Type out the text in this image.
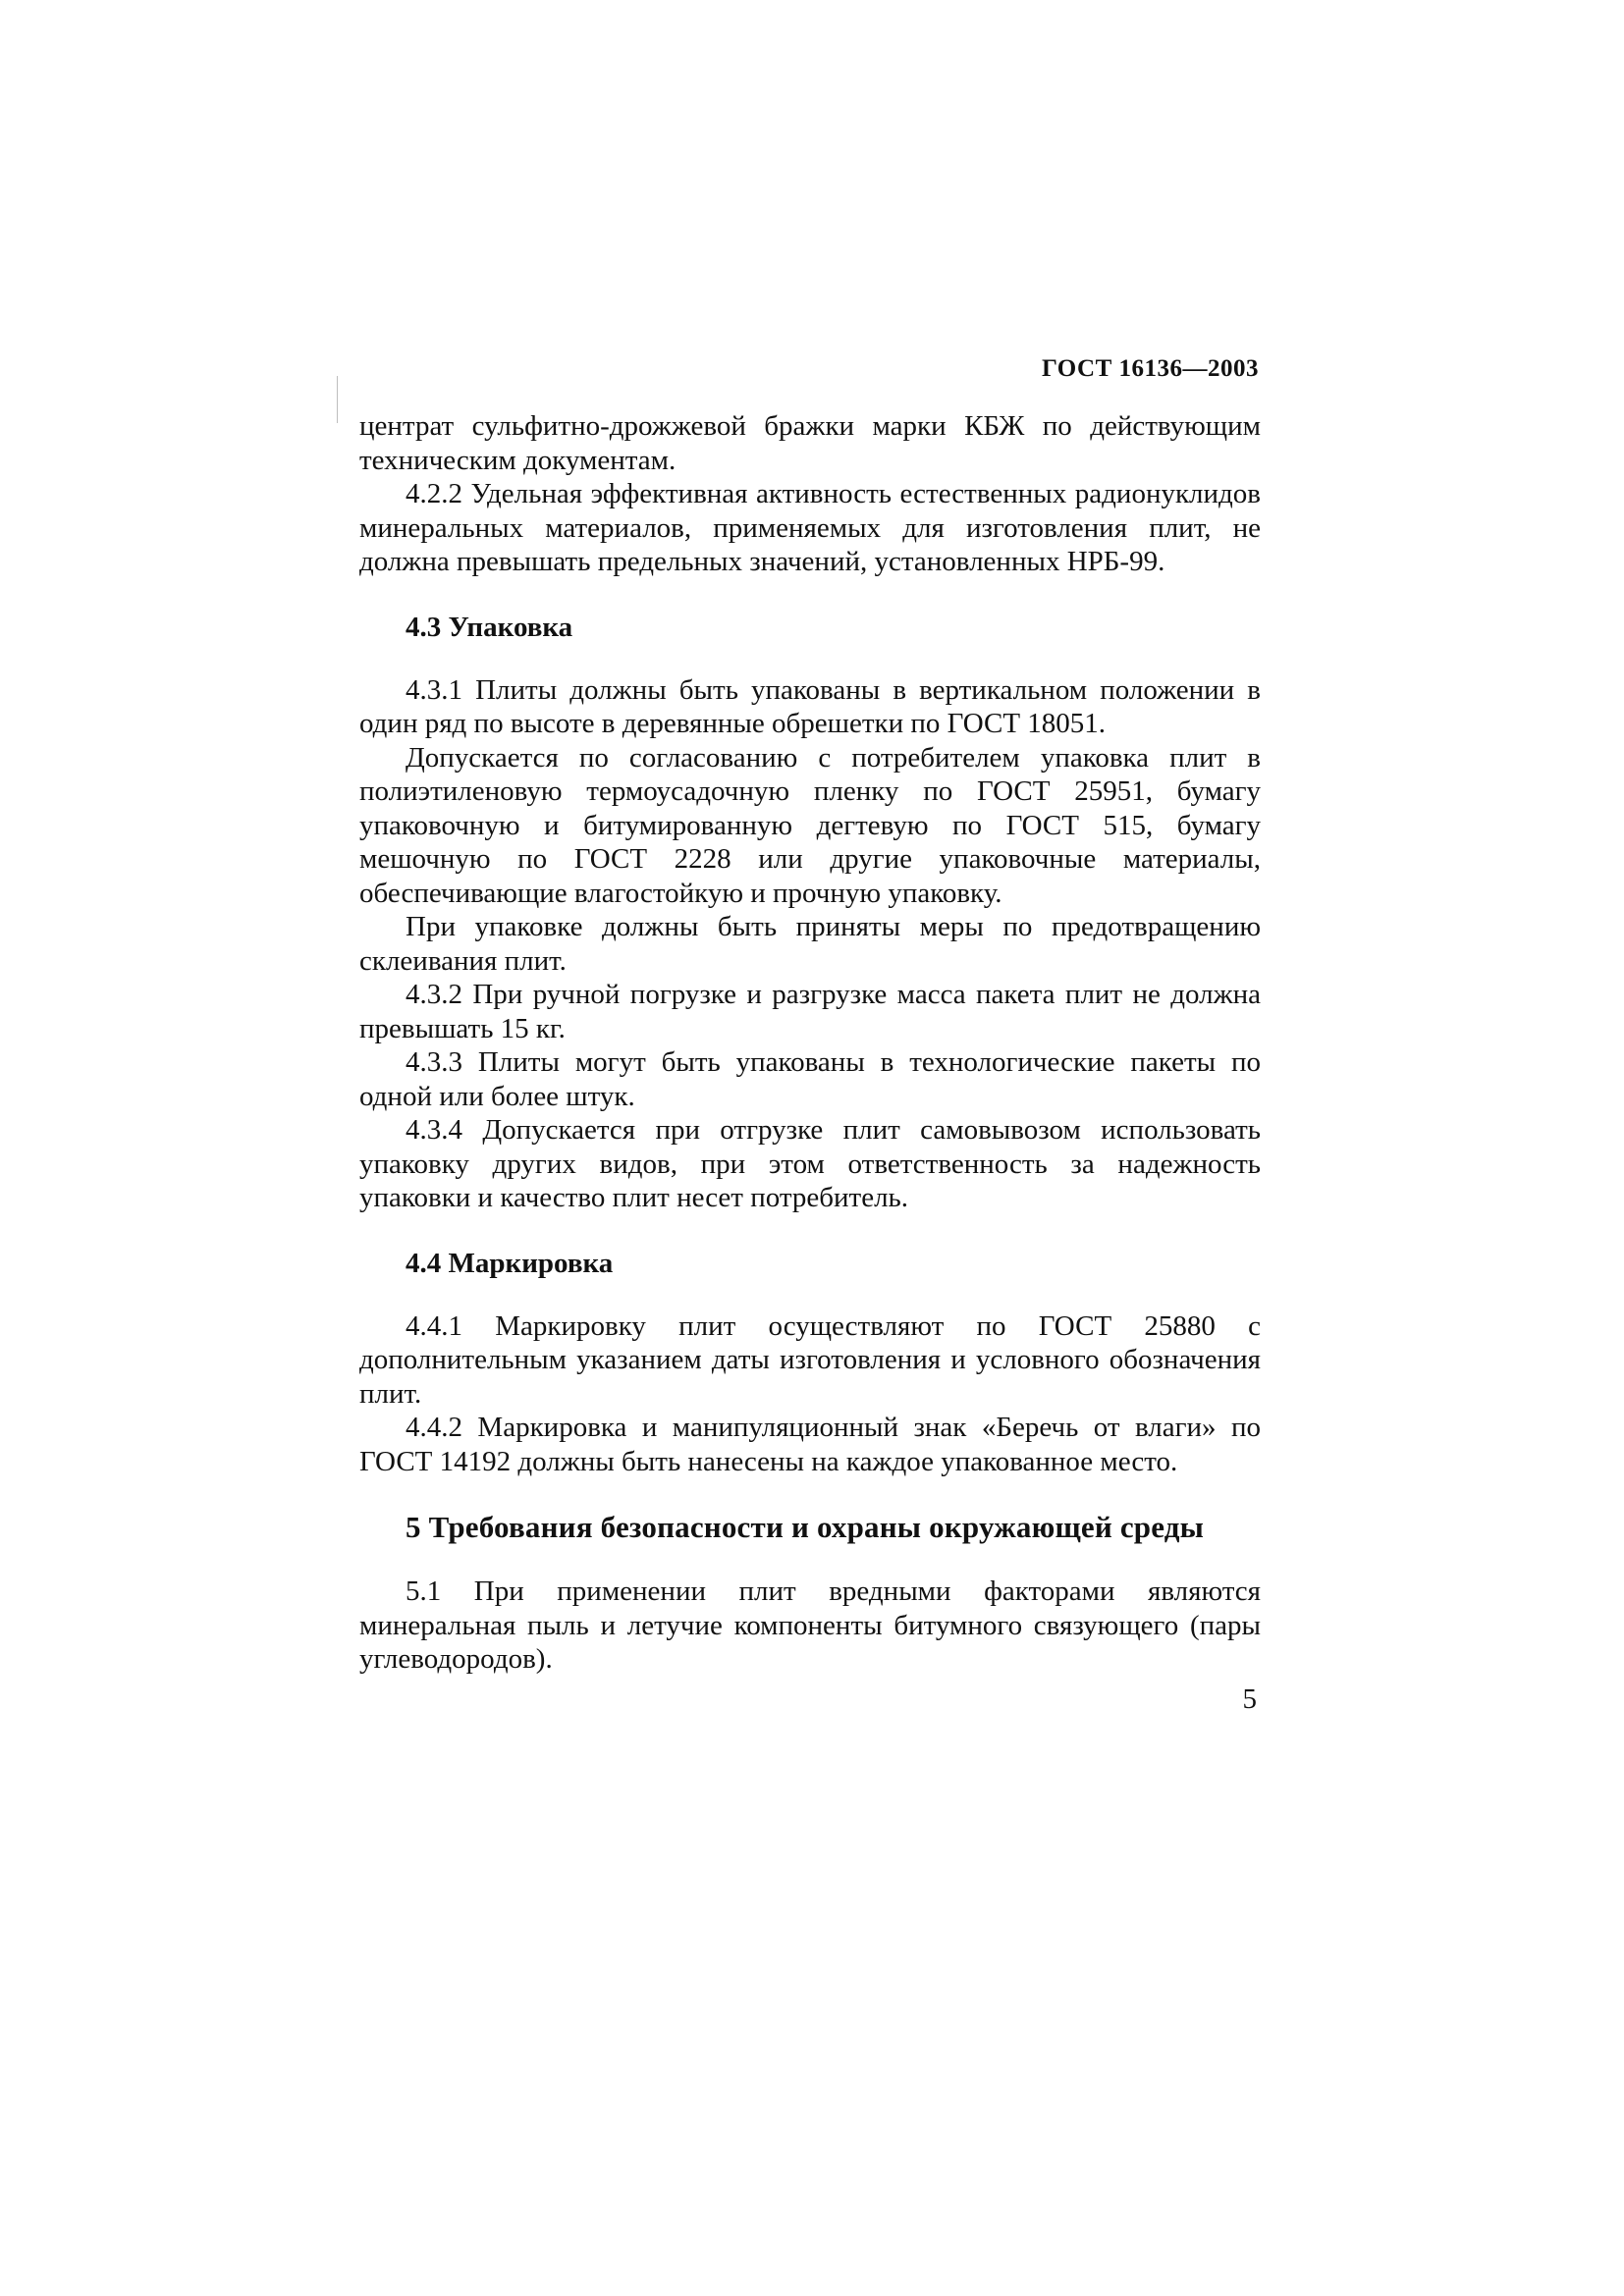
ГОСТ 16136—2003

центрат сульфитно-дрожжевой бражки марки КБЖ по действующим техническим документам.

4.2.2 Удельная эффективная активность естественных радионуклидов минеральных материалов, применяемых для изготовления плит, не должна превышать предельных значений, установленных НРБ-99.

4.3 Упаковка

4.3.1 Плиты должны быть упакованы в вертикальном положении в один ряд по высоте в деревянные обрешетки по ГОСТ 18051.

Допускается по согласованию с потребителем упаковка плит в полиэтиленовую термоусадочную пленку по ГОСТ 25951, бумагу упаковочную и битумированную дегтевую по ГОСТ 515, бумагу мешочную по ГОСТ 2228 или другие упаковочные материалы, обеспечивающие влагостойкую и прочную упаковку.

При упаковке должны быть приняты меры по предотвращению склеивания плит.

4.3.2 При ручной погрузке и разгрузке масса пакета плит не должна превышать 15 кг.

4.3.3 Плиты могут быть упакованы в технологические пакеты по одной или более штук.

4.3.4 Допускается при отгрузке плит самовывозом использовать упаковку других видов, при этом ответственность за надежность упаковки и качество плит несет потребитель.

4.4 Маркировка

4.4.1 Маркировку плит осуществляют по ГОСТ 25880 с дополнительным указанием даты изготовления и условного обозначения плит.

4.4.2 Маркировка и манипуляционный знак «Беречь от влаги» по ГОСТ 14192 должны быть нанесены на каждое упакованное место.

5 Требования безопасности и охраны окружающей среды

5.1 При применении плит вредными факторами являются минеральная пыль и летучие компоненты битумного связующего (пары углеводородов).

5
